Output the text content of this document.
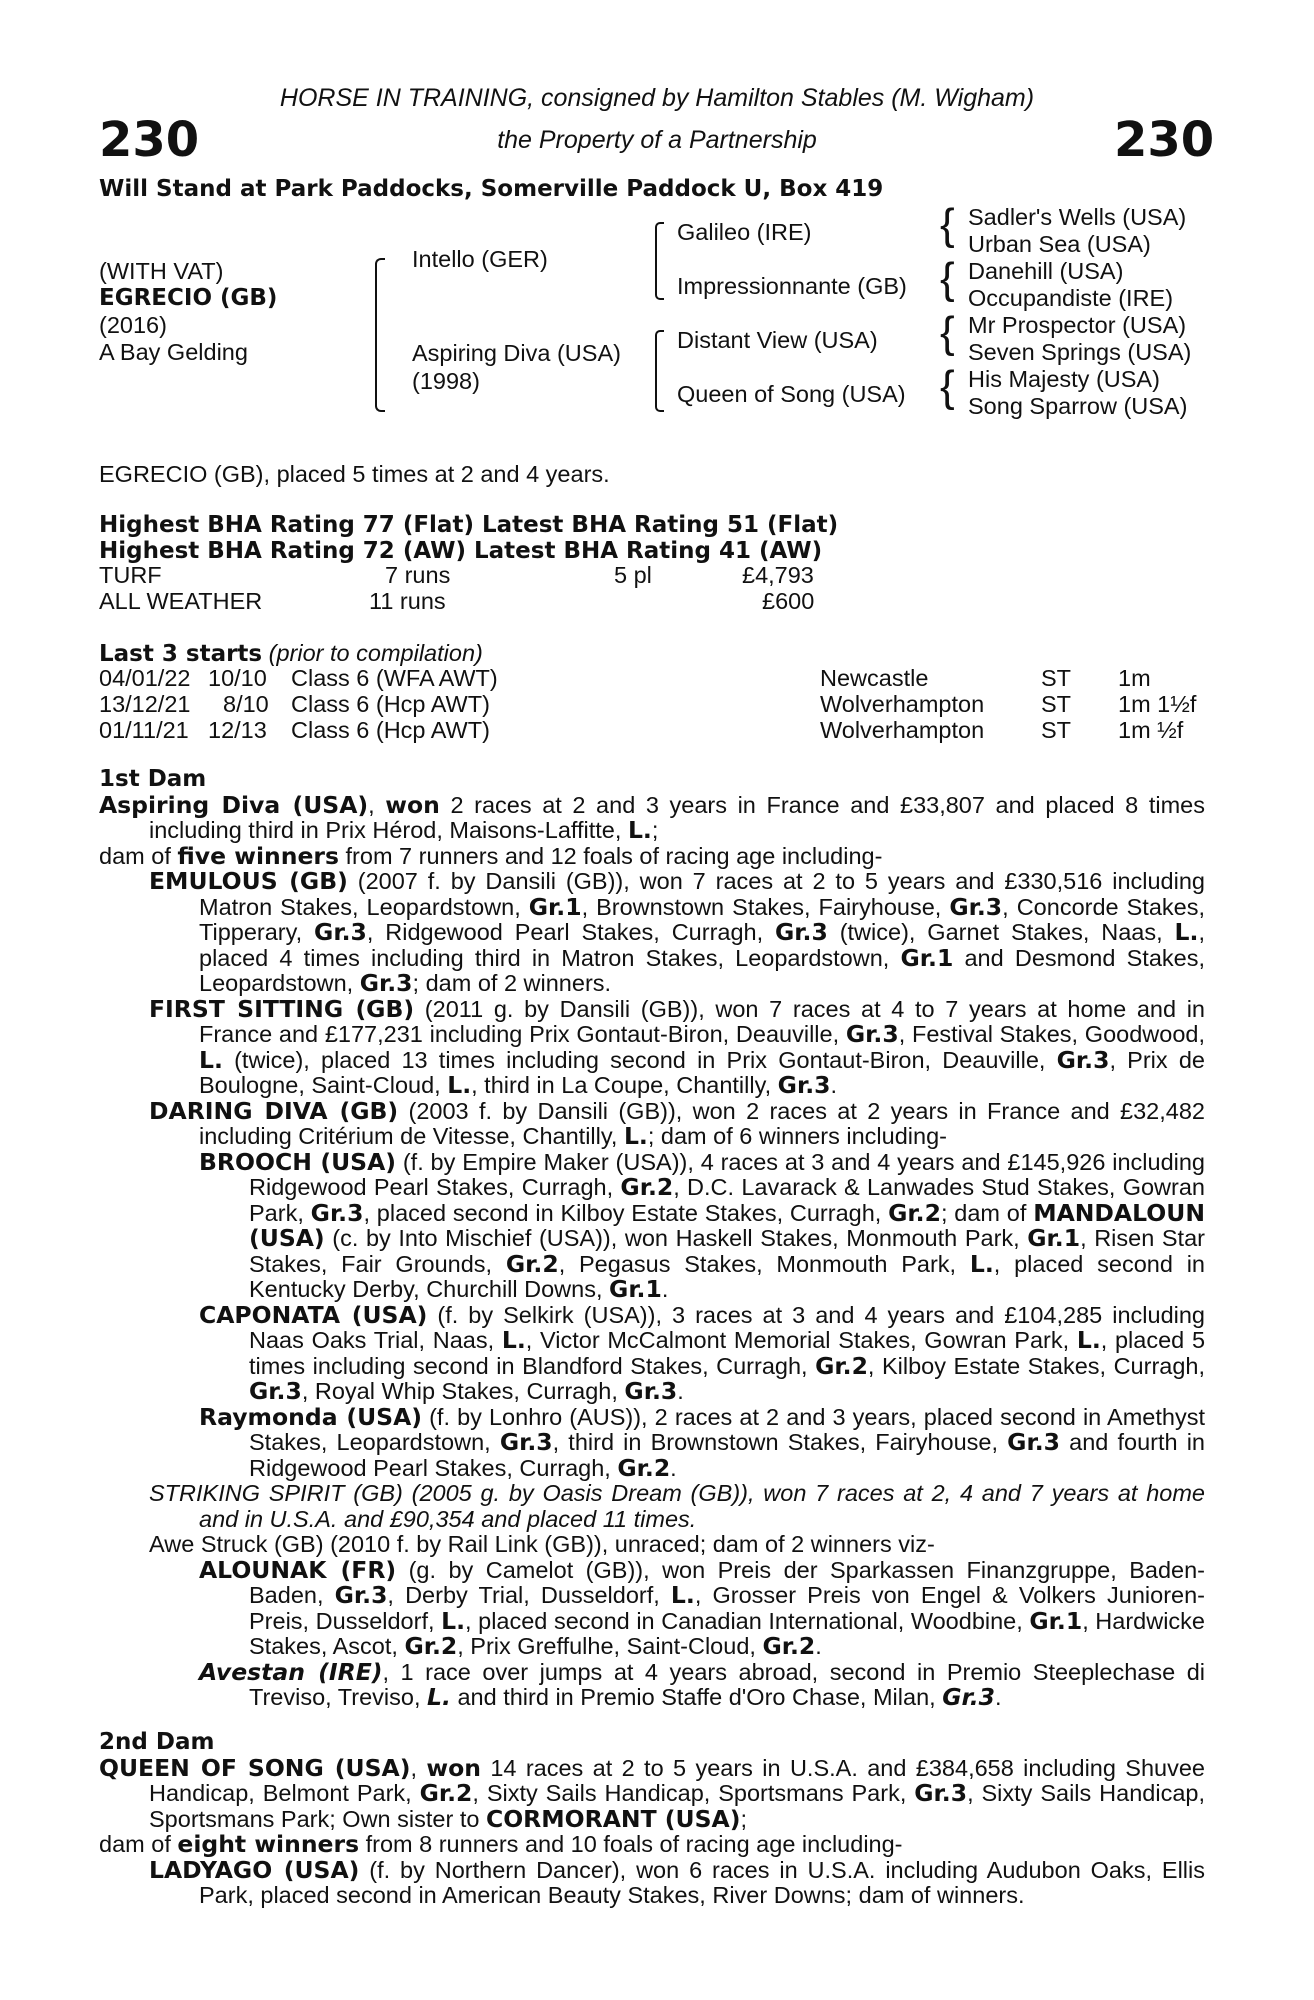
230	230
HORSE IN TRAINING, consigned by Hamilton Stables (M. Wigham)
the Property of a Partnership
Will Stand at Park Paddocks, Somerville Paddock U, Box 419
(WITH VAT)
EGRECIO (GB)
(2016)
A Bay Gelding
{
{
{
{
Intello (GER)
Aspiring Diva (USA)
(1998)
Galileo (IRE)
Impressionnante (GB)
Distant View (USA)
Queen of Song (USA)
Sadler's Wells (USA)
Urban Sea (USA)
Danehill (USA)
Occupandiste (IRE)
Mr Prospector (USA)
Seven Springs (USA)
His Majesty (USA)
Song Sparrow (USA)
EGRECIO (GB), placed 5 times at 2 and 4 years.
Highest BHA Rating 77 (Flat) Latest BHA Rating 51 (Flat)
Highest BHA Rating 72 (AW) Latest BHA Rating 41 (AW)
TURF	7 runs	5 pl	£4,793
ALL WEATHER	11 runs	£600
Last 3 starts (prior to compilation)
04/01/22 10/10 Class 6 (WFA AWT)	Newcastle	ST 1m
13/12/21 8/10 Class 6 (Hcp AWT)	Wolverhampton ST 1m 1½f
01/11/21 12/13 Class 6 (Hcp AWT)	Wolverhampton ST 1m ½f

1st Dam

Aspiring Diva (USA), won 2 races at 2 and 3 years in France and £33,807 and placed 8 times including third in Prix Hérod, Maisons-Laffitte, L.;

dam of five winners from 7 runners and 12 foals of racing age including-

EMULOUS (GB) (2007 f. by Dansili (GB)), won 7 races at 2 to 5 years and £330,516 including Matron Stakes, Leopardstown, Gr.1, Brownstown Stakes, Fairyhouse, Gr.3, Concorde Stakes, Tipperary, Gr.3, Ridgewood Pearl Stakes, Curragh, Gr.3 (twice), Garnet Stakes, Naas, L., placed 4 times including third in Matron Stakes, Leopardstown, Gr.1 and Desmond Stakes, Leopardstown, Gr.3; dam of 2 winners.

FIRST SITTING (GB) (2011 g. by Dansili (GB)), won 7 races at 4 to 7 years at home and in France and £177,231 including Prix Gontaut-Biron, Deauville, Gr.3, Festival Stakes, Goodwood, L. (twice), placed 13 times including second in Prix Gontaut-Biron, Deauville, Gr.3, Prix de Boulogne, Saint-Cloud, L., third in La Coupe, Chantilly, Gr.3.

DARING DIVA (GB) (2003 f. by Dansili (GB)), won 2 races at 2 years in France and £32,482 including Critérium de Vitesse, Chantilly, L.; dam of 6 winners including-

BROOCH (USA) (f. by Empire Maker (USA)), 4 races at 3 and 4 years and £145,926 including Ridgewood Pearl Stakes, Curragh, Gr.2, D.C. Lavarack & Lanwades Stud Stakes, Gowran Park, Gr.3, placed second in Kilboy Estate Stakes, Curragh, Gr.2; dam of MANDALOUN (USA) (c. by Into Mischief (USA)), won Haskell Stakes, Monmouth Park, Gr.1, Risen Star Stakes, Fair Grounds, Gr.2, Pegasus Stakes, Monmouth Park, L., placed second in Kentucky Derby, Churchill Downs, Gr.1.

CAPONATA (USA) (f. by Selkirk (USA)), 3 races at 3 and 4 years and £104,285 including Naas Oaks Trial, Naas, L., Victor McCalmont Memorial Stakes, Gowran Park, L., placed 5 times including second in Blandford Stakes, Curragh, Gr.2, Kilboy Estate Stakes, Curragh, Gr.3, Royal Whip Stakes, Curragh, Gr.3.

Raymonda (USA) (f. by Lonhro (AUS)), 2 races at 2 and 3 years, placed second in Amethyst Stakes, Leopardstown, Gr.3, third in Brownstown Stakes, Fairyhouse, Gr.3 and fourth in Ridgewood Pearl Stakes, Curragh, Gr.2.

STRIKING SPIRIT (GB) (2005 g. by Oasis Dream (GB)), won 7 races at 2, 4 and 7 years at home and in U.S.A. and £90,354 and placed 11 times.

Awe Struck (GB) (2010 f. by Rail Link (GB)), unraced; dam of 2 winners viz-

ALOUNAK (FR) (g. by Camelot (GB)), won Preis der Sparkassen Finanzgruppe, Baden-Baden, Gr.3, Derby Trial, Dusseldorf, L., Grosser Preis von Engel & Volkers Junioren-Preis, Dusseldorf, L., placed second in Canadian International, Woodbine, Gr.1, Hardwicke Stakes, Ascot, Gr.2, Prix Greffulhe, Saint-Cloud, Gr.2.

Avestan (IRE), 1 race over jumps at 4 years abroad, second in Premio Steeplechase di Treviso, Treviso, L. and third in Premio Staffe d'Oro Chase, Milan, Gr.3.

2nd Dam

QUEEN OF SONG (USA), won 14 races at 2 to 5 years in U.S.A. and £384,658 including Shuvee Handicap, Belmont Park, Gr.2, Sixty Sails Handicap, Sportsmans Park, Gr.3, Sixty Sails Handicap, Sportsmans Park; Own sister to CORMORANT (USA);

dam of eight winners from 8 runners and 10 foals of racing age including-

LADYAGO (USA) (f. by Northern Dancer), won 6 races in U.S.A. including Audubon Oaks, Ellis Park, placed second in American Beauty Stakes, River Downs; dam of winners.
